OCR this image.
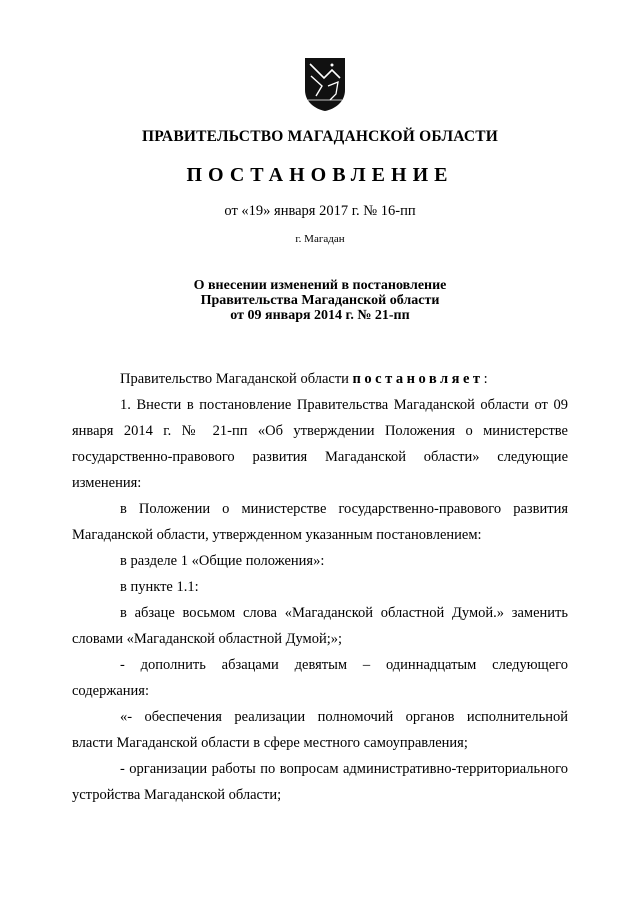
ПРАВИТЕЛЬСТВО МАГАДАНСКОЙ ОБЛАСТИ
ПОСТАНОВЛЕНИЕ
от «19» января 2017 г. № 16-пп
г. Магадан
О внесении изменений в постановление
Правительства Магаданской области
от 09 января 2014 г. № 21-пп

Правительство Магаданской области постановляет:

1. Внести в постановление Правительства Магаданской области от 09 января 2014 г. № 21-пп «Об утверждении Положения о министерстве государственно-правового развития Магаданской области» следующие изменения:

в Положении о министерстве государственно-правового развития Магаданской области, утвержденном указанным постановлением:

в разделе 1 «Общие положения»:

в пункте 1.1:

в абзаце восьмом слова «Магаданской областной Думой.» заменить словами «Магаданской областной Думой;»;

- дополнить абзацами девятым – одиннадцатым следующего содержания:

«- обеспечения реализации полномочий органов исполнительной власти Магаданской области в сфере местного самоуправления;

- организации работы по вопросам административно-территориального устройства Магаданской области;
